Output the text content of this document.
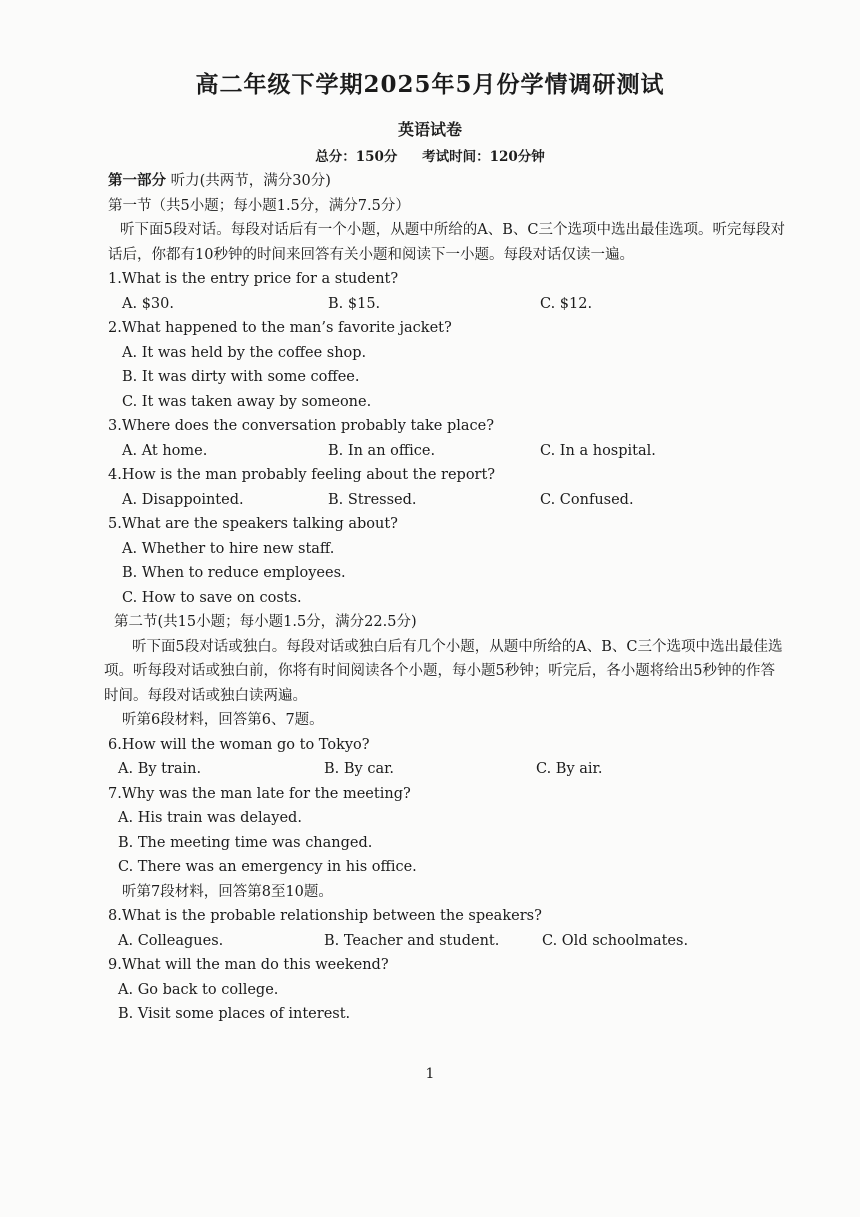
高二年级下学期2025年5月份学情调研测试
英语试卷
总分：150分 考试时间：120分钟
第一部分 听力(共两节，满分30分)
第一节（共5小题；每小题1.5分，满分7.5分）
听下面5段对话。每段对话后有一个小题，从题中所给的A、B、C三个选项中选出最佳选项。听完每段对话后，你都有10秒钟的时间来回答有关小题和阅读下一小题。每段对话仅读一遍。
1.What is the entry price for a student?
A. $30.	B. $15.	C. $12.
2.What happened to the man’s favorite jacket?
A. It was held by the coffee shop.
B. It was dirty with some coffee.
C. It was taken away by someone.
3.Where does the conversation probably take place?
A. At home.	B. In an office.	C. In a hospital.
4.How is the man probably feeling about the report?
A. Disappointed.	B. Stressed.	C. Confused.
5.What are the speakers talking about?
A. Whether to hire new staff.
B. When to reduce employees.
C. How to save on costs.
第二节(共15小题；每小题1.5分，满分22.5分)
听下面5段对话或独白。每段对话或独白后有几个小题，从题中所给的A、B、C三个选项中选出最佳选项。听每段对话或独白前，你将有时间阅读各个小题，每小题5秒钟；听完后，各小题将给出5秒钟的作答时间。每段对话或独白读两遍。
听第6段材料，回答第6、7题。
6.How will the woman go to Tokyo?
A. By train.	B. By car.	C. By air.
7.Why was the man late for the meeting?
A. His train was delayed.
B. The meeting time was changed.
C. There was an emergency in his office.
听第7段材料，回答第8至10题。
8.What is the probable relationship between the speakers?
A. Colleagues.	B. Teacher and student.	C. Old schoolmates.
9.What will the man do this weekend?
A. Go back to college.
B. Visit some places of interest.
1
